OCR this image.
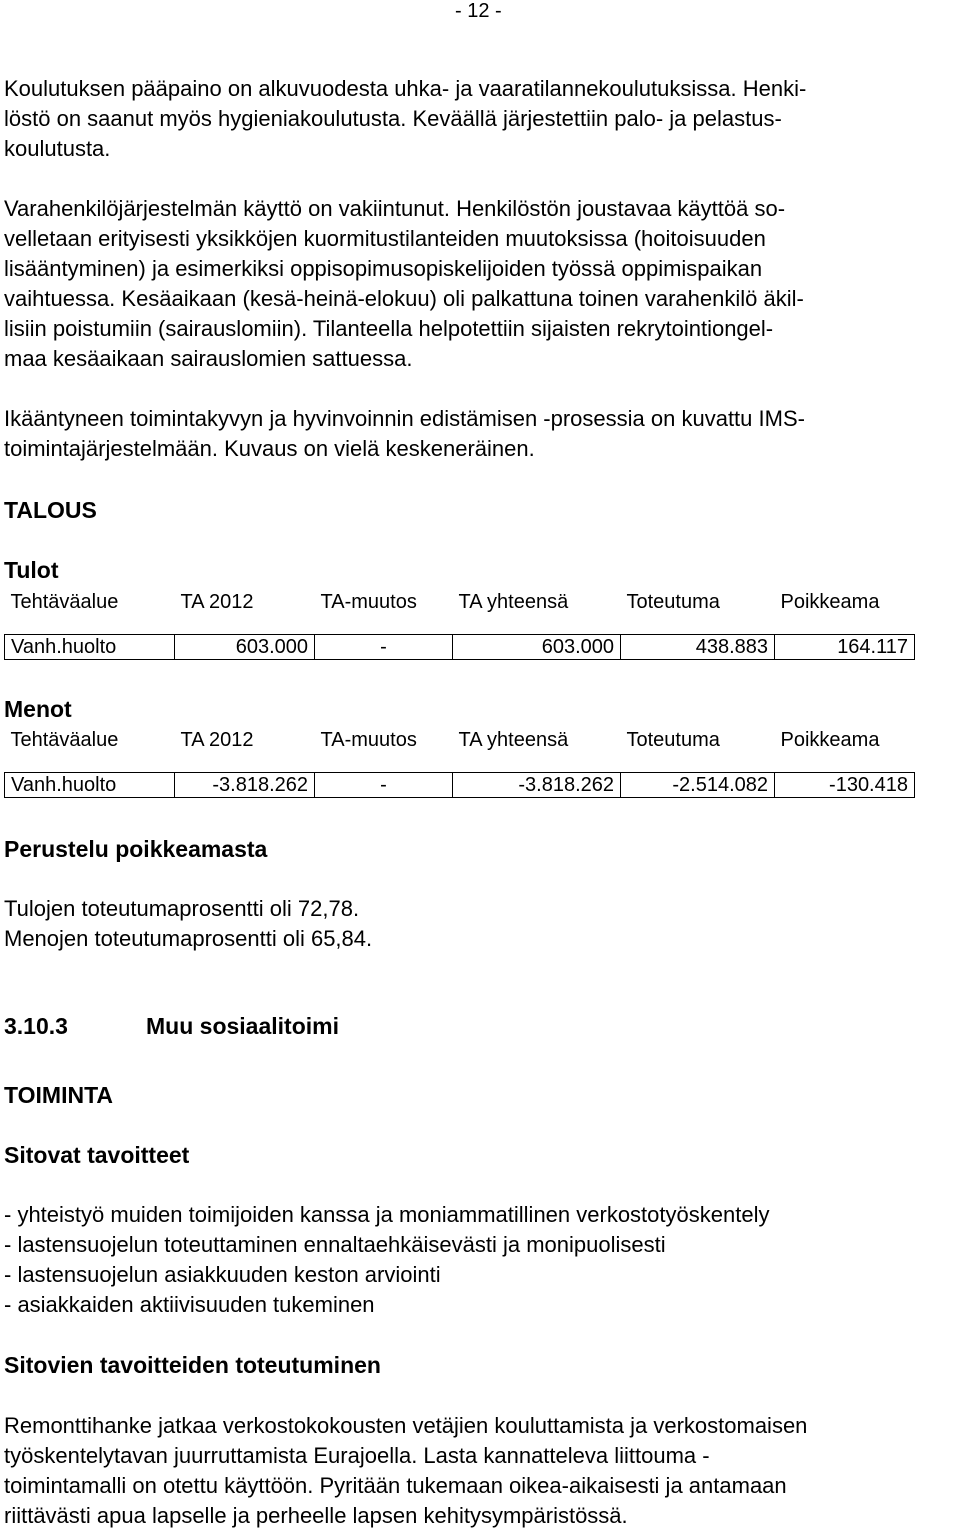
- 12 -
Koulutuksen pääpaino on alkuvuodesta uhka- ja vaaratilannekoulutuksissa. Henki-
löstö on saanut myös hygieniakoulutusta. Keväällä järjestettiin palo- ja pelastus-
koulutusta.
Varahenkilöjärjestelmän käyttö on vakiintunut. Henkilöstön joustavaa käyttöä so-
velletaan erityisesti yksikköjen kuormitustilanteiden muutoksissa (hoitoisuuden
lisääntyminen) ja esimerkiksi oppisopimusopiskelijoiden työssä oppimispaikan
vaihtuessa. Kesäaikaan (kesä-heinä-elokuu) oli palkattuna toinen varahenkilö äkil-
lisiin poistumiin (sairauslomiin). Tilanteella helpotettiin sijaisten rekrytointiongel-
maa kesäaikaan sairauslomien sattuessa.
Ikääntyneen toimintakyvyn ja hyvinvoinnin edistämisen -prosessia on kuvattu IMS-
toimintajärjestelmään. Kuvaus on vielä keskeneräinen.
TALOUS
Tulot
Tehtäväalue	TA 2012	TA-muutos	TA yhteensä	Toteutuma	Poikkeama

Vanh.huolto	603.000	-	603.000	438.883	164.117
Menot
Tehtäväalue	TA 2012	TA-muutos	TA yhteensä	Toteutuma	Poikkeama

Vanh.huolto	-3.818.262	-	-3.818.262	-2.514.082	-130.418
Perustelu poikkeamasta
Tulojen toteutumaprosentti oli 72,78.
Menojen toteutumaprosentti oli 65,84.
3.10.3	Muu sosiaalitoimi
TOIMINTA
Sitovat tavoitteet
- yhteistyö muiden toimijoiden kanssa ja moniammatillinen verkostotyöskentely
- lastensuojelun toteuttaminen ennaltaehkäisevästi ja monipuolisesti
- lastensuojelun asiakkuuden keston arviointi
- asiakkaiden aktiivisuuden tukeminen
Sitovien tavoitteiden toteutuminen
Remonttihanke jatkaa verkostokokousten vetäjien kouluttamista ja verkostomaisen
työskentelytavan juurruttamista Eurajoella. Lasta kannatteleva liittouma -
toimintamalli on otettu käyttöön. Pyritään tukemaan oikea-aikaisesti ja antamaan
riittävästi apua lapselle ja perheelle lapsen kehitysympäristössä.
